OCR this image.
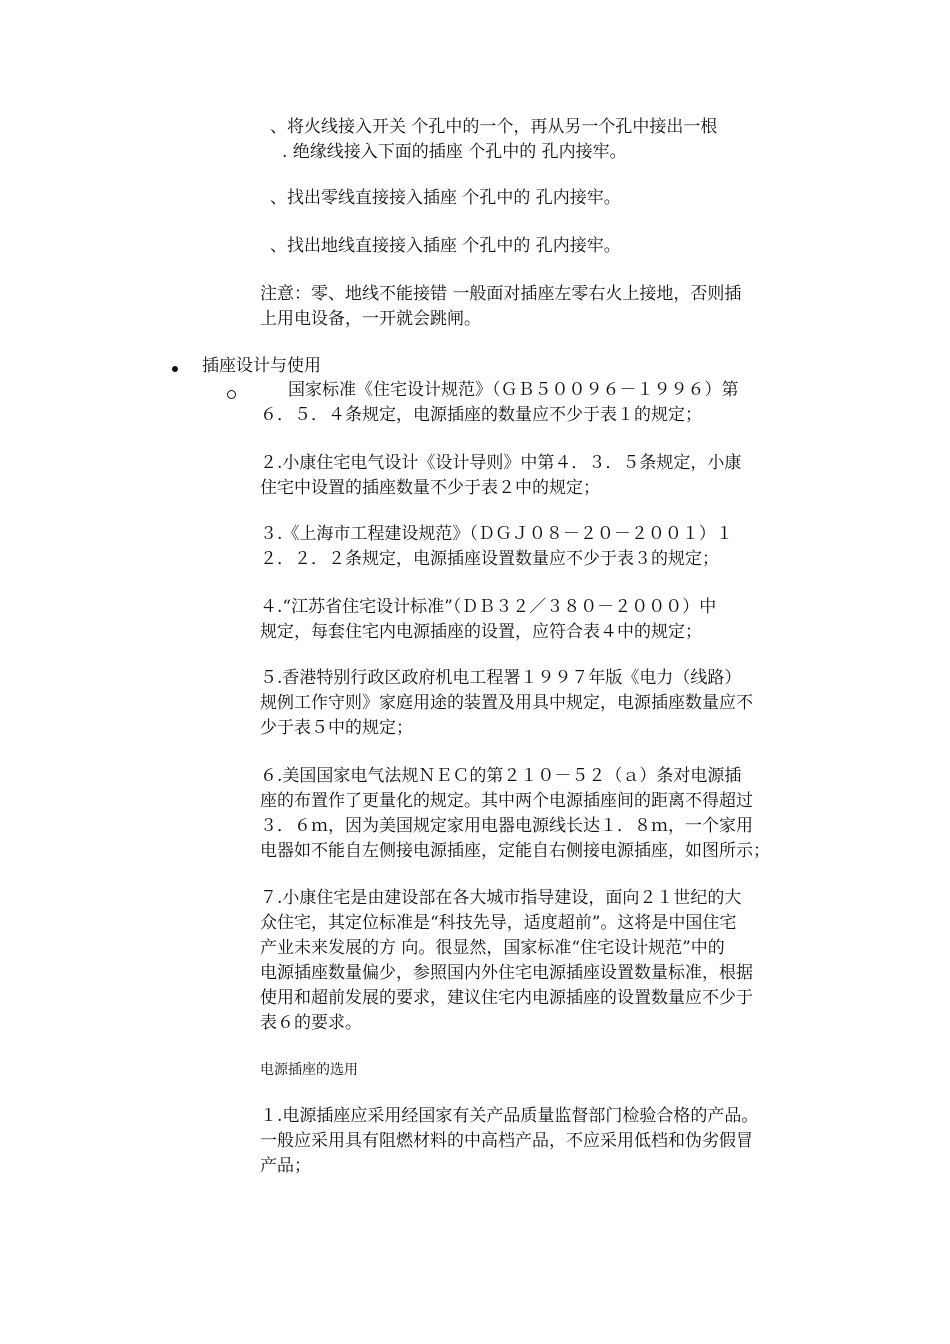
、将火线接入开关 个孔中的一个，再从另一个孔中接出一根

. 绝缘线接入下面的插座 个孔中的 孔内接牢。

、找出零线直接接入插座 个孔中的 孔内接牢。

、找出地线直接接入插座 个孔中的 孔内接牢。

注意：零、地线不能接错 一般面对插座左零右火上接地，否则插

上用电设备，一开就会跳闸。

插座设计与使用

国家标准《住宅设计规范》（ＧＢ５００９６－１９９６）第

６．５．４条规定，电源插座的数量应不少于表１的规定；

２.小康住宅电气设计《设计导则》中第４．３．５条规定，小康

住宅中设置的插座数量不少于表２中的规定；

３.《上海市工程建设规范》（ＤＧＪ０８－２０－２００１）１

２．２．２条规定，电源插座设置数量应不少于表３的规定；

４.“江苏省住宅设计标准”（ＤＢ３２／３８０－２０００）中

规定，每套住宅内电源插座的设置，应符合表４中的规定；

５.香港特别行政区政府机电工程署１９９７年版《电力（线路）

规例工作守则》家庭用途的装置及用具中规定，电源插座数量应不

少于表５中的规定；

６.美国国家电气法规ＮＥＣ的第２１０－５２（ａ）条对电源插

座的布置作了更量化的规定。其中两个电源插座间的距离不得超过

３．６ｍ，因为美国规定家用电器电源线长达１．８ｍ，一个家用

电器如不能自左侧接电源插座，定能自右侧接电源插座，如图所示；

７.小康住宅是由建设部在各大城市指导建设，面向２１世纪的大

众住宅，其定位标准是“科技先导，适度超前”。这将是中国住宅

产业未来发展的方 向。很显然，国家标准“住宅设计规范”中的

电源插座数量偏少，参照国内外住宅电源插座设置数量标准，根据

使用和超前发展的要求，建议住宅内电源插座的设置数量应不少于

表６的要求。

电源插座的选用

１.电源插座应采用经国家有关产品质量监督部门检验合格的产品。

一般应采用具有阻燃材料的中高档产品，不应采用低档和伪劣假冒

产品；
